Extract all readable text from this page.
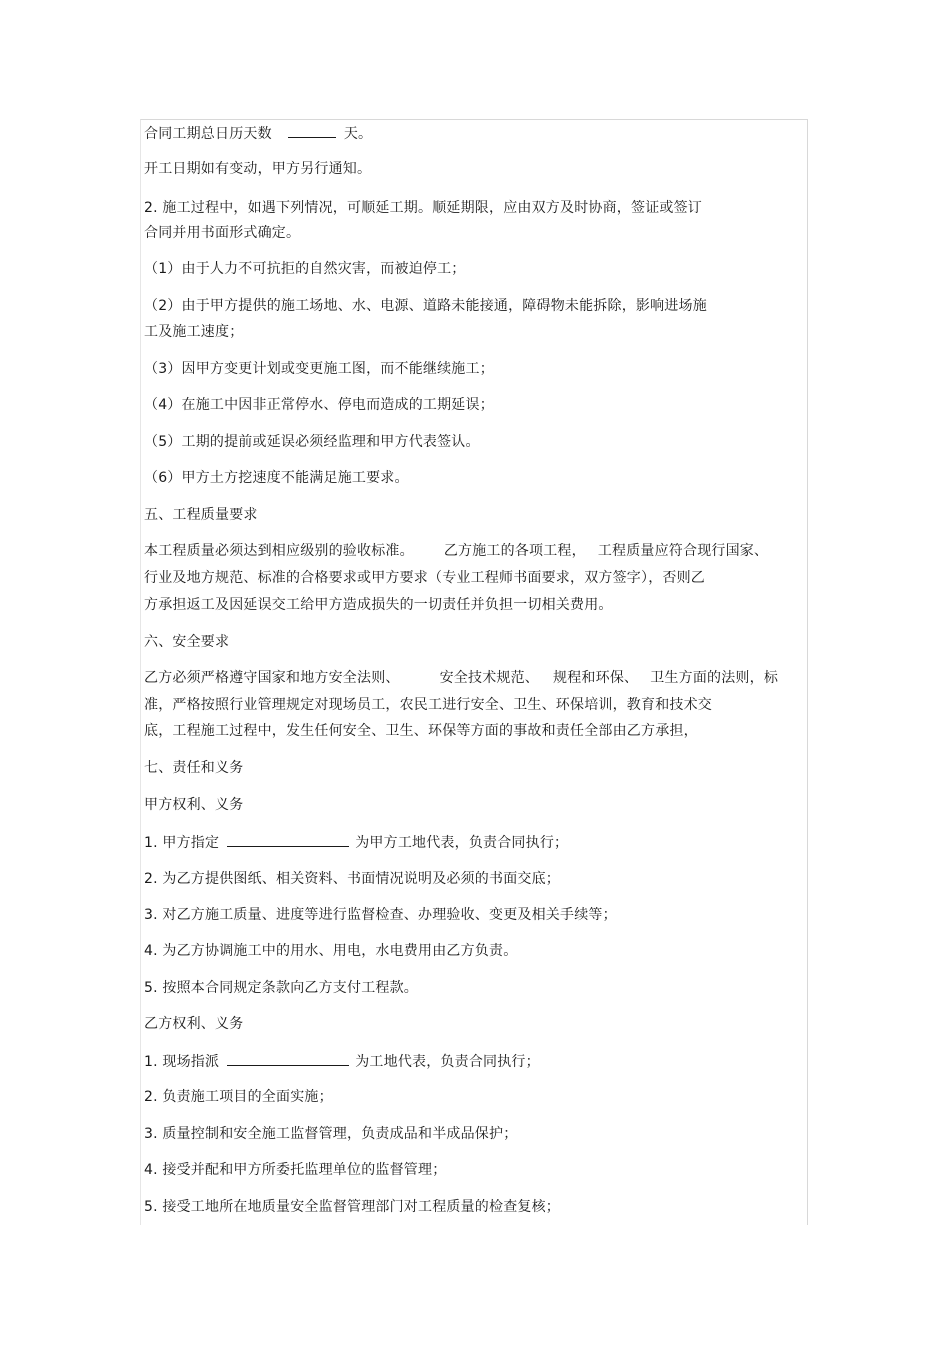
合同工期总日历天数	天。

开工日期如有变动，甲方另行通知。

2. 施工过程中，如遇下列情况，可顺延工期。顺延期限，应由双方及时协商，签证或签订

合同并用书面形式确定。

（1）由于人力不可抗拒的自然灾害，而被迫停工；

（2）由于甲方提供的施工场地、水、电源、道路未能接通，障碍物未能拆除，影响进场施

工及施工速度；

（3）因甲方变更计划或变更施工图，而不能继续施工；

（4）在施工中因非正常停水、停电而造成的工期延误；

（5）工期的提前或延误必须经监理和甲方代表签认。

（6）甲方土方挖速度不能满足施工要求。

五、工程质量要求

本工程质量必须达到相应级别的验收标准。 乙方施工的各项工程， 工程质量应符合现行国家、

行业及地方规范、标准的合格要求或甲方要求（专业工程师书面要求，双方签字），否则乙

方承担返工及因延误交工给甲方造成损失的一切责任并负担一切相关费用。

六、安全要求

乙方必须严格遵守国家和地方安全法则、	安全技术规范、 规程和环保、 卫生方面的法则，标

准，严格按照行业管理规定对现场员工，农民工进行安全、卫生、环保培训，教育和技术交

底，工程施工过程中，发生任何安全、卫生、环保等方面的事故和责任全部由乙方承担，

七、责任和义务

甲方权利、义务

1. 甲方指定	为甲方工地代表，负责合同执行；

2. 为乙方提供图纸、相关资料、书面情况说明及必须的书面交底；

3. 对乙方施工质量、进度等进行监督检查、办理验收、变更及相关手续等；

4. 为乙方协调施工中的用水、用电，水电费用由乙方负责。

5. 按照本合同规定条款向乙方支付工程款。

乙方权利、义务

1. 现场指派	为工地代表，负责合同执行；

2. 负责施工项目的全面实施；

3. 质量控制和安全施工监督管理，负责成品和半成品保护；

4. 接受并配和甲方所委托监理单位的监督管理；

5. 接受工地所在地质量安全监督管理部门对工程质量的检查复核；
